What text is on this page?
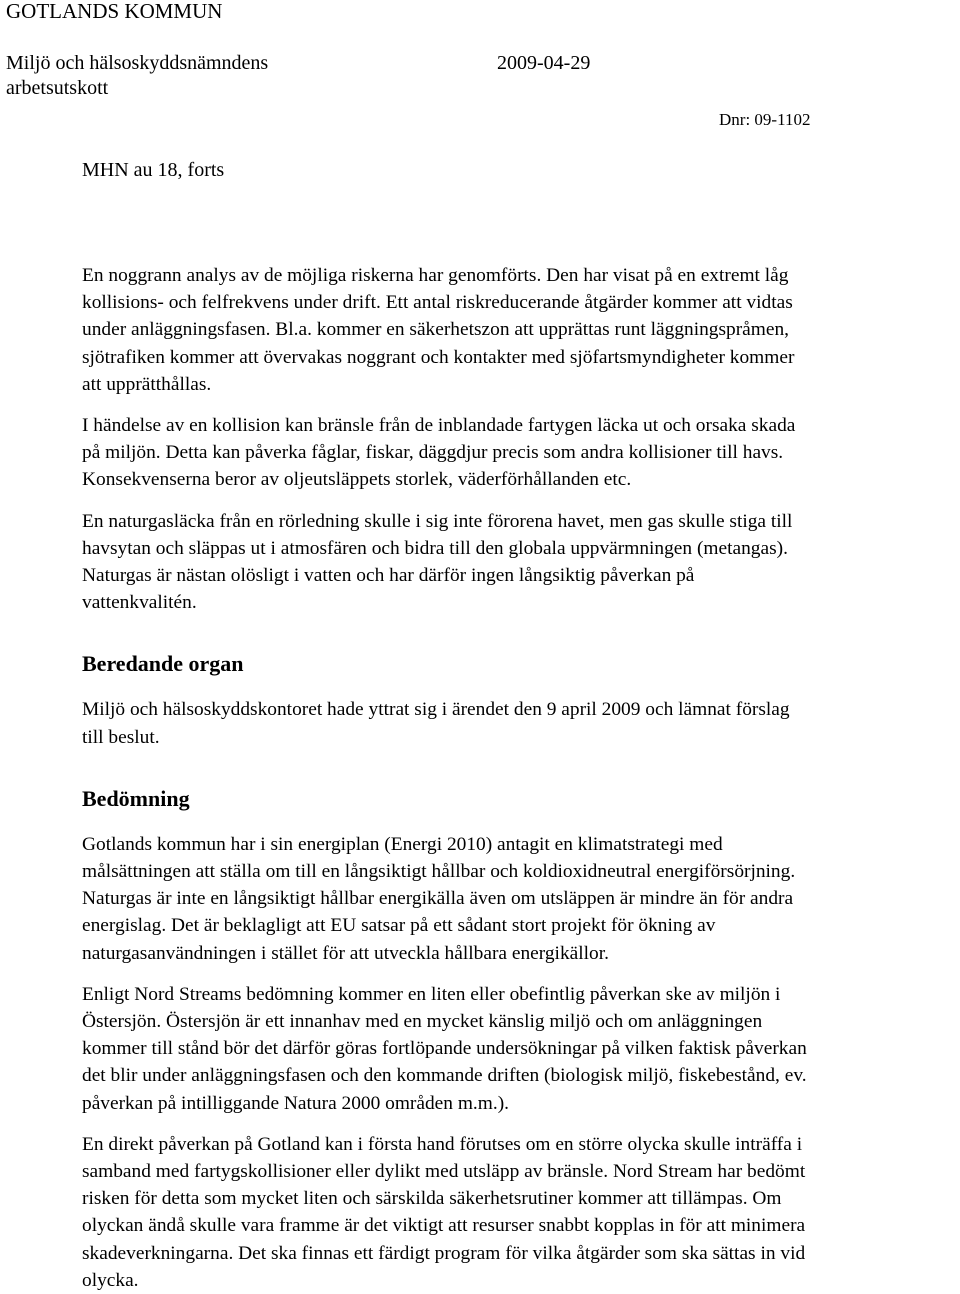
GOTLANDS KOMMUN
Miljö och hälsoskyddsnämndens
arbetsutskott
2009-04-29
Dnr: 09-1102
MHN au 18, forts

En noggrann analys av de möjliga riskerna har genomförts. Den har visat på en extremt låg
kollisions- och felfrekvens under drift. Ett antal riskreducerande åtgärder kommer att vidtas
under anläggningsfasen. Bl.a. kommer en säkerhetszon att upprättas runt läggningspråmen,
sjötrafiken kommer att övervakas noggrant och kontakter med sjöfartsmyndigheter kommer
att upprätthållas.

I händelse av en kollision kan bränsle från de inblandade fartygen läcka ut och orsaka skada
på miljön. Detta kan påverka fåglar, fiskar, däggdjur precis som andra kollisioner till havs.
Konsekvenserna beror av oljeutsläppets storlek, väderförhållanden etc.

En naturgasläcka från en rörledning skulle i sig inte förorena havet, men gas skulle stiga till
havsytan och släppas ut i atmosfären och bidra till den globala uppvärmningen (metangas).
Naturgas är nästan olösligt i vatten och har därför ingen långsiktig påverkan på
vattenkvalitén.

Beredande organ

Miljö och hälsoskyddskontoret hade yttrat sig i ärendet den 9 april 2009 och lämnat förslag
till beslut.

Bedömning

Gotlands kommun har i sin energiplan (Energi 2010) antagit en klimatstrategi med
målsättningen att ställa om till en långsiktigt hållbar och koldioxidneutral energiförsörjning.
Naturgas är inte en långsiktigt hållbar energikälla även om utsläppen är mindre än för andra
energislag. Det är beklagligt att EU satsar på ett sådant stort projekt för ökning av
naturgasanvändningen i stället för att utveckla hållbara energikällor.

Enligt Nord Streams bedömning kommer en liten eller obefintlig påverkan ske av miljön i
Östersjön. Östersjön är ett innanhav med en mycket känslig miljö och om anläggningen
kommer till stånd bör det därför göras fortlöpande undersökningar på vilken faktisk påverkan
det blir under anläggningsfasen och den kommande driften (biologisk miljö, fiskebestånd, ev.
påverkan på intilliggande Natura 2000 områden m.m.).

En direkt påverkan på Gotland kan i första hand förutses om en större olycka skulle inträffa i
samband med fartygskollisioner eller dylikt med utsläpp av bränsle. Nord Stream har bedömt
risken för detta som mycket liten och särskilda säkerhetsrutiner kommer att tillämpas. Om
olyckan ändå skulle vara framme är det viktigt att resurser snabbt kopplas in för att minimera
skadeverkningarna. Det ska finnas ett färdigt program för vilka åtgärder som ska sättas in vid
olycka.
